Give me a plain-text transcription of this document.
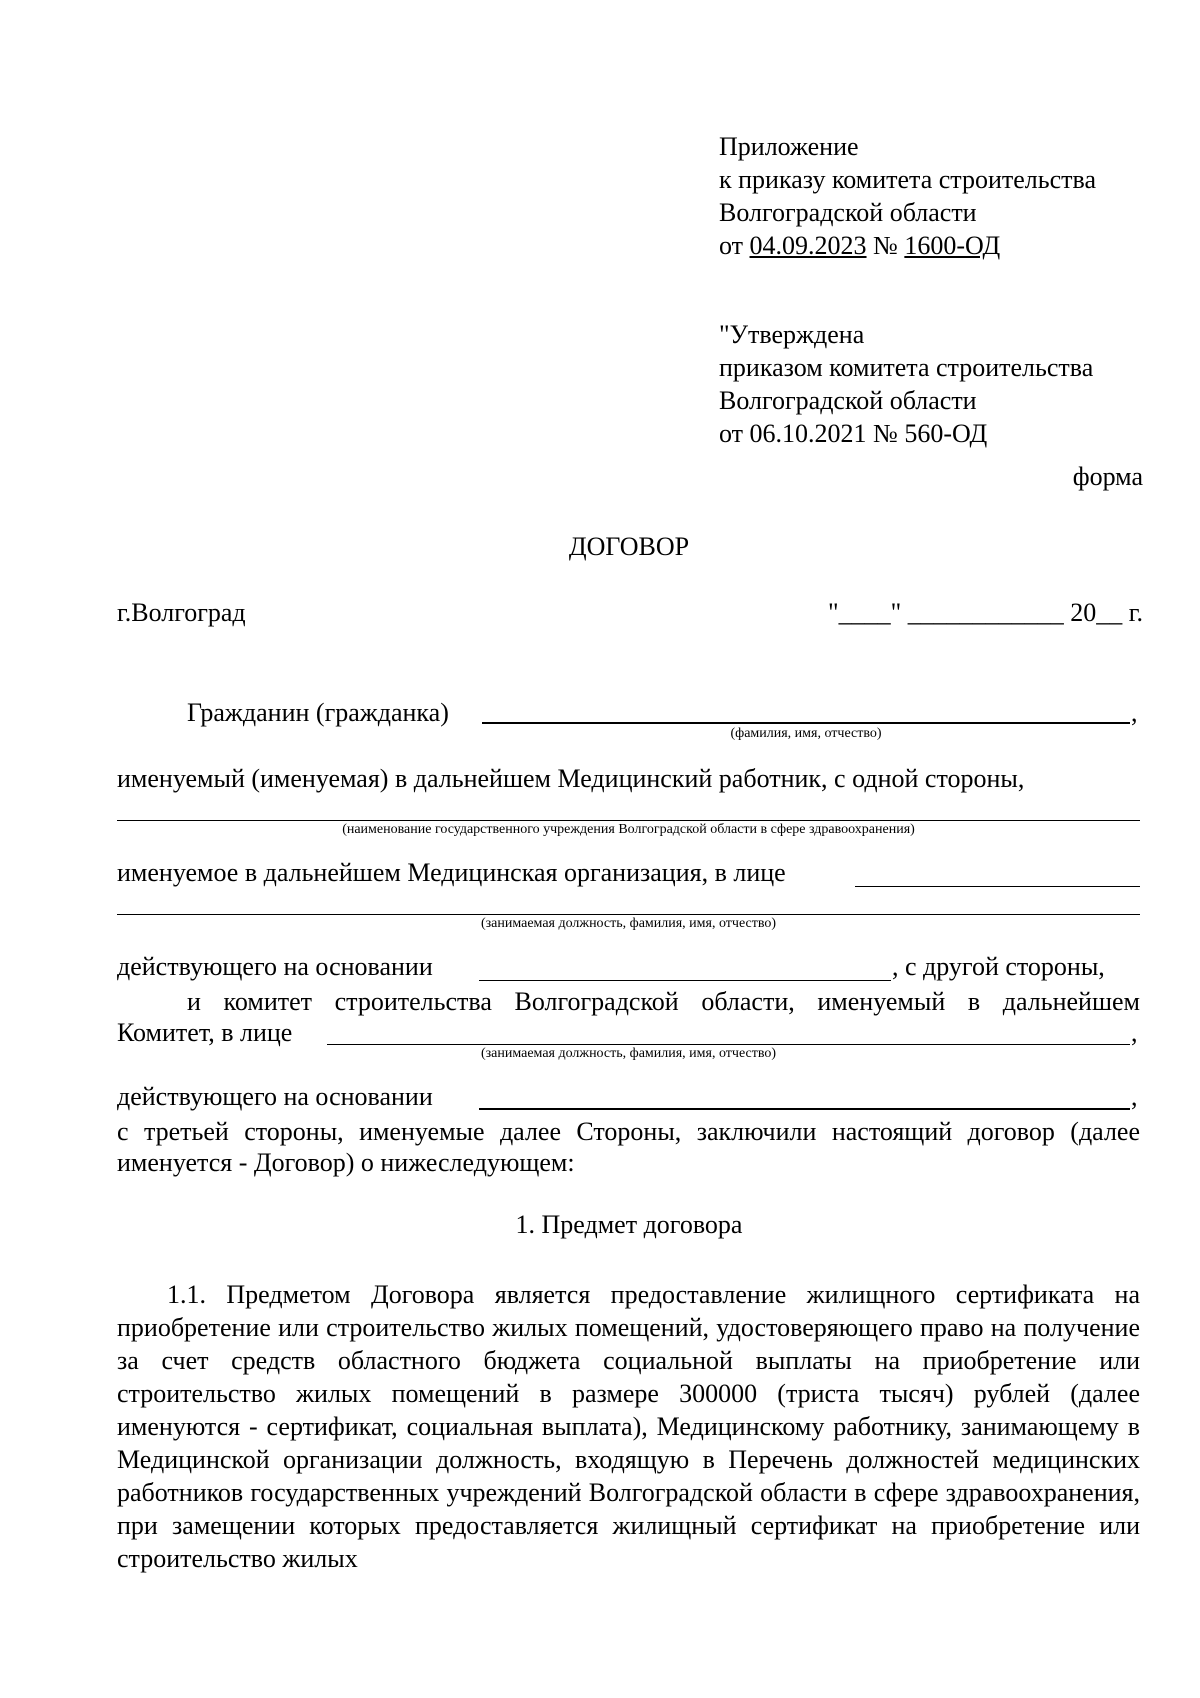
Приложение
к приказу комитета строительства
Волгоградской области
от 04.09.2023 № 1600-ОД
"Утверждена
приказом комитета строительства
Волгоградской области
от 06.10.2021 № 560-ОД
форма
ДОГОВОР
г.Волгоград	"____" ____________ 20__ г.
Гражданин (гражданка)	,
(фамилия, имя, отчество)
именуемый (именуемая) в дальнейшем Медицинский работник, с одной стороны,
(наименование государственного учреждения Волгоградской области в сфере здравоохранения)
именуемое в дальнейшем Медицинская организация, в лице
(занимаемая должность, фамилия, имя, отчество)
действующего на основании	, с другой стороны,
и комитет строительства Волгоградской области, именуемый в дальнейшем
Комитет, в лице	,
(занимаемая должность, фамилия, имя, отчество)
действующего на основании	,
с третьей стороны, именуемые далее Стороны, заключили настоящий договор (далее
именуется - Договор) о нижеследующем:
1. Предмет договора
1.1. Предметом Договора является предоставление жилищного сертификата на приобретение или строительство жилых помещений, удостоверяющего право на получение за счет средств областного бюджета социальной выплаты на приобретение или строительство жилых помещений в размере 300000 (триста тысяч) рублей (далее именуются - сертификат, социальная выплата), Медицинскому работнику, занимающему в Медицинской организации должность, входящую в Перечень должностей медицинских работников государственных учреждений Волгоградской области в сфере здравоохранения, при замещении которых предоставляется жилищный сертификат на приобретение или строительство жилых
